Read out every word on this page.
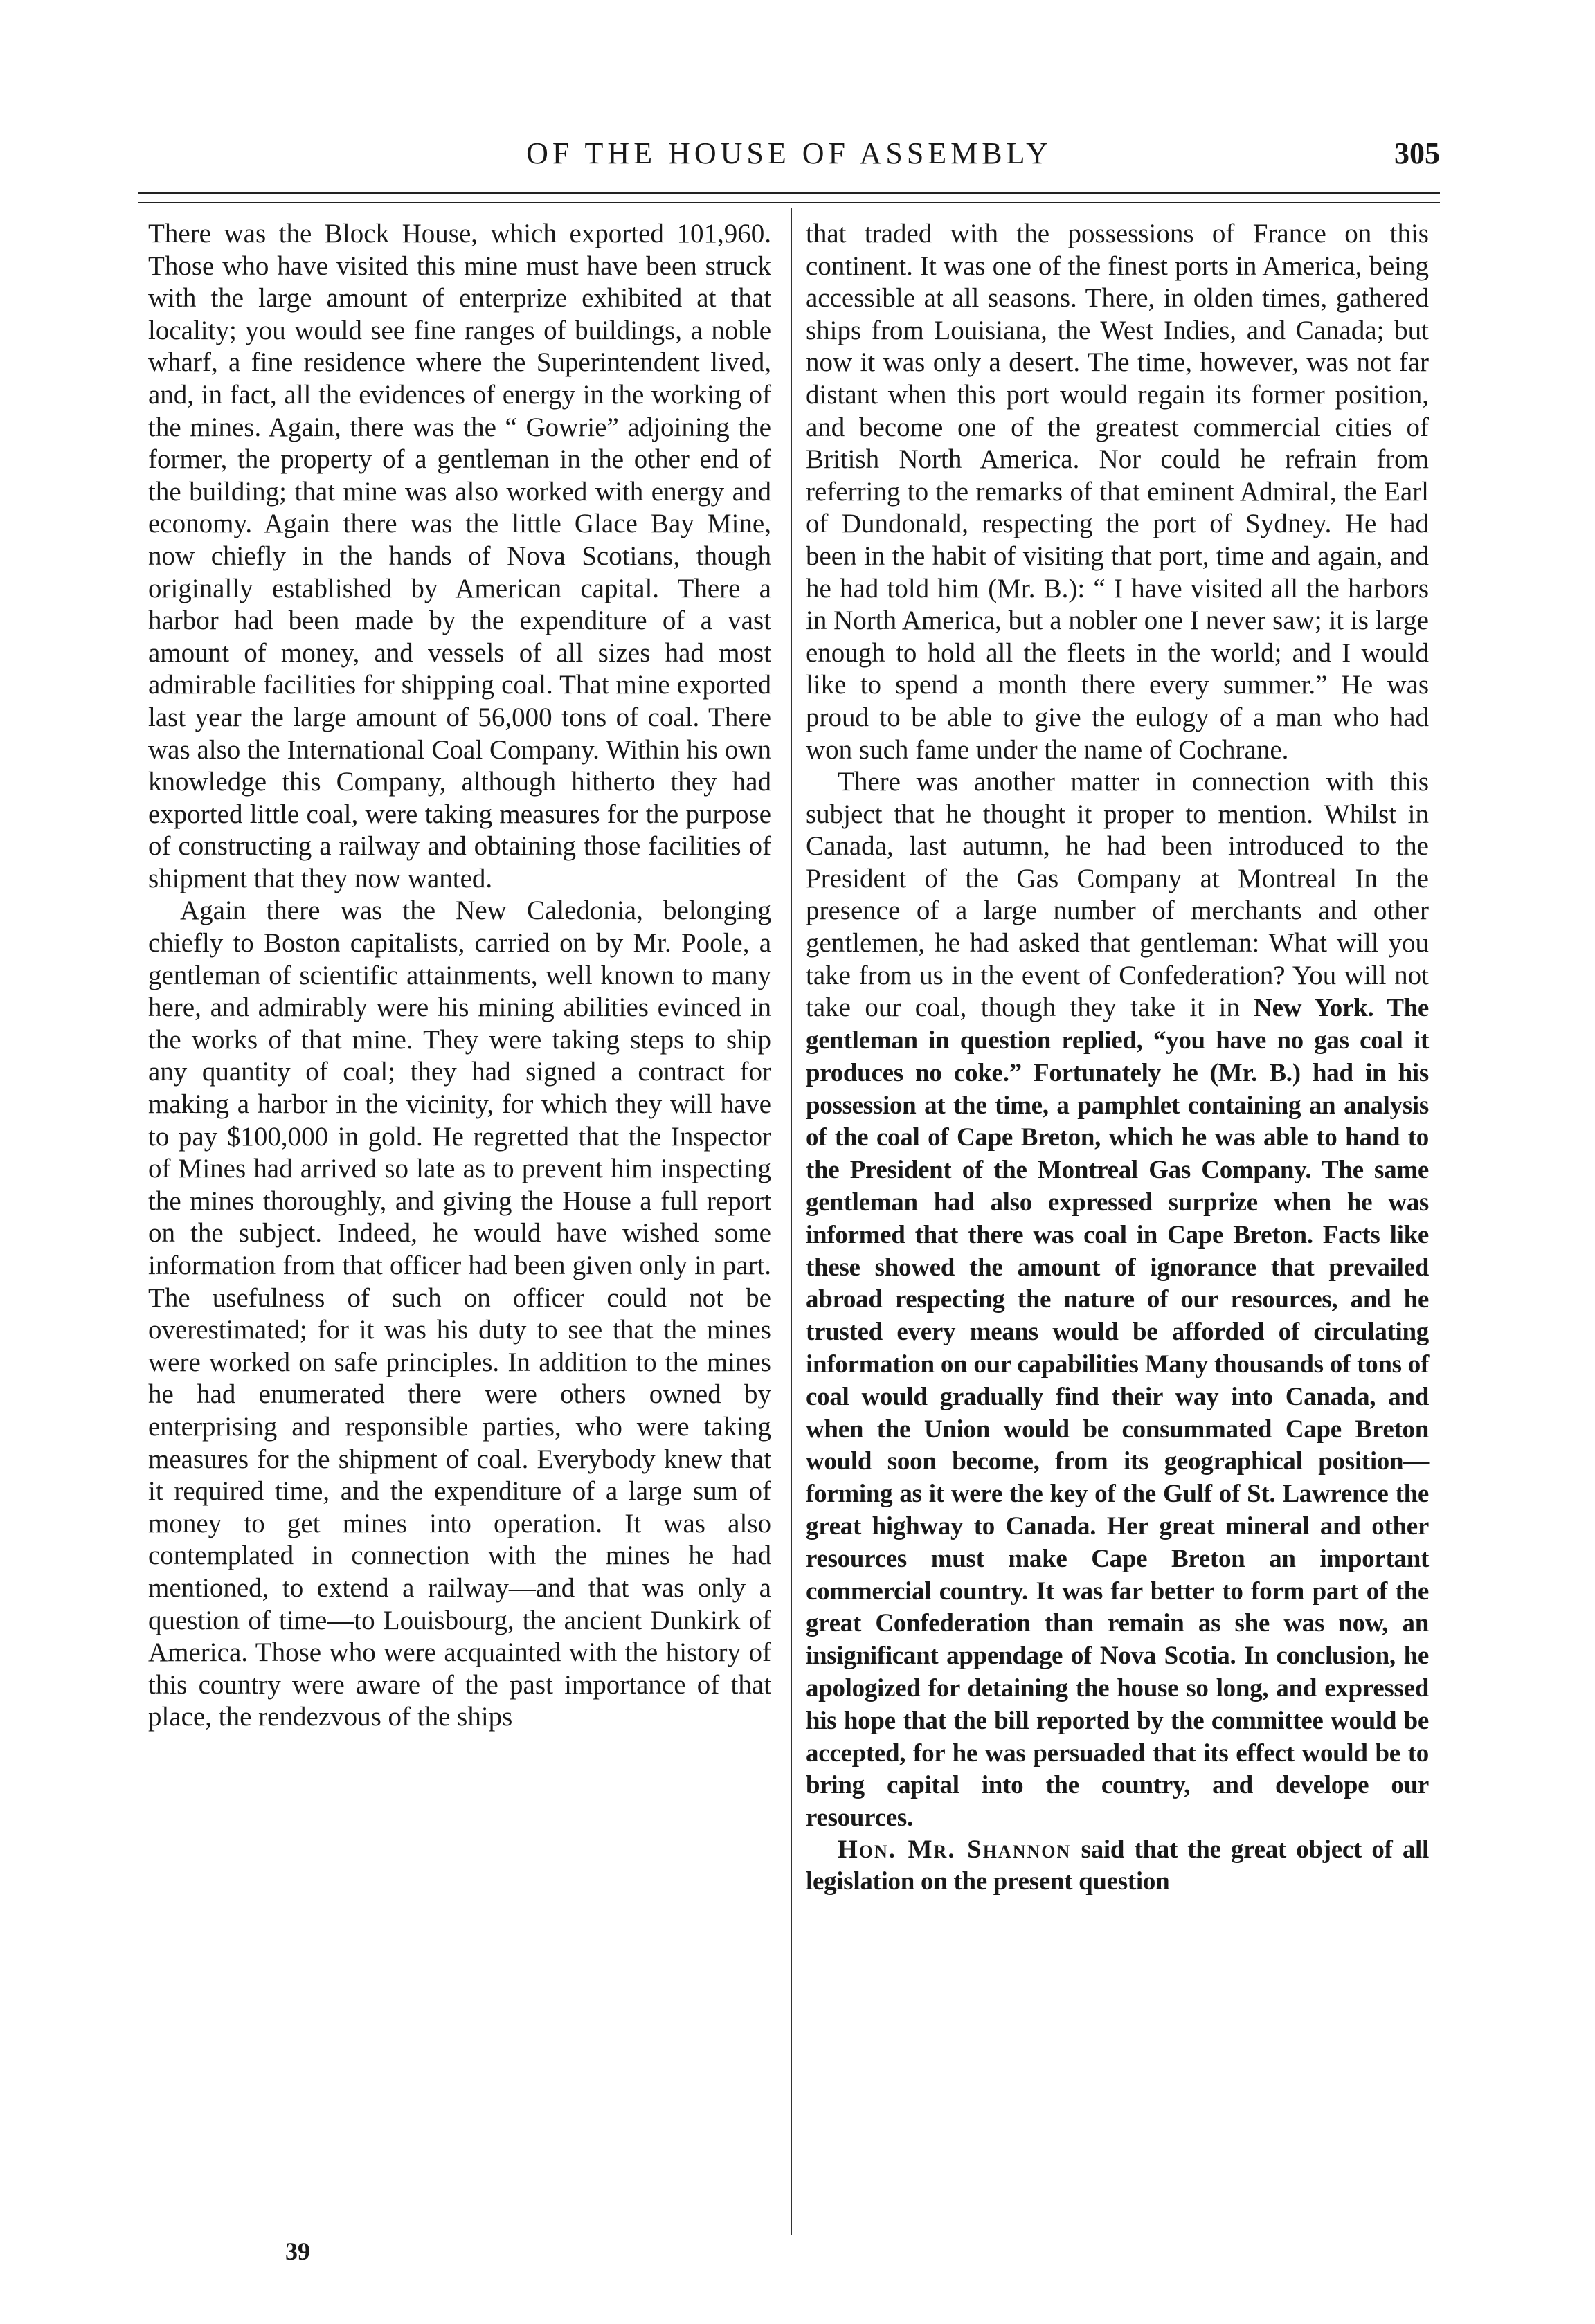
OF THE HOUSE OF ASSEMBLY	305

There was the Block House, which exported 101,960. Those who have visited this mine must have been struck with the large amount of enterprize exhibited at that locality; you would see fine ranges of buildings, a noble wharf, a fine residence where the Superintendent lived, and, in fact, all the evidences of energy in the working of the mines. Again, there was the “ Gowrie” adjoining the former, the property of a gentleman in the other end of the building; that mine was also worked with energy and economy. Again there was the little Glace Bay Mine, now chiefly in the hands of Nova Scotians, though originally established by American capital. There a harbor had been made by the expenditure of a vast amount of money, and vessels of all sizes had most admirable facilities for shipping coal. That mine exported last year the large amount of 56,000 tons of coal. There was also the International Coal Company. Within his own knowledge this Company, although hitherto they had exported little coal, were taking measures for the purpose of constructing a railway and obtaining those facilities of shipment that they now wanted.

Again there was the New Caledonia, belonging chiefly to Boston capitalists, carried on by Mr. Poole, a gentleman of scientific attainments, well known to many here, and admirably were his mining abilities evinced in the works of that mine. They were taking steps to ship any quantity of coal; they had signed a contract for making a harbor in the vicinity, for which they will have to pay $100,000 in gold. He regretted that the Inspector of Mines had arrived so late as to prevent him inspecting the mines thoroughly, and giving the House a full report on the subject. Indeed, he would have wished some information from that officer had been given only in part. The usefulness of such on officer could not be overestimated; for it was his duty to see that the mines were worked on safe principles. In addition to the mines he had enumerated there were others owned by enterprising and responsible parties, who were taking measures for the shipment of coal. Everybody knew that it required time, and the expenditure of a large sum of money to get mines into operation. It was also contemplated in connection with the mines he had mentioned, to extend a railway—and that was only a question of time—to Louisbourg, the ancient Dunkirk of America. Those who were acquainted with the history of this country were aware of the past importance of that place, the rendezvous of the ships

that traded with the possessions of France on this continent. It was one of the finest ports in America, being accessible at all seasons. There, in olden times, gathered ships from Louisiana, the West Indies, and Canada; but now it was only a desert. The time, however, was not far distant when this port would regain its former position, and become one of the greatest commercial cities of British North America. Nor could he refrain from referring to the remarks of that eminent Admiral, the Earl of Dundonald, respecting the port of Sydney. He had been in the habit of visiting that port, time and again, and he had told him (Mr. B.): “ I have visited all the harbors in North America, but a nobler one I never saw; it is large enough to hold all the fleets in the world; and I would like to spend a month there every summer.” He was proud to be able to give the eulogy of a man who had won such fame under the name of Cochrane.

There was another matter in connection with this subject that he thought it proper to mention. Whilst in Canada, last autumn, he had been introduced to the President of the Gas Company at Montreal In the presence of a large number of merchants and other gentlemen, he had asked that gentleman: What will you take from us in the event of Confederation? You will not take our coal, though they take it in New York. The gentleman in question replied, “you have no gas coal it produces no coke.” Fortunately he (Mr. B.) had in his possession at the time, a pamphlet containing an analysis of the coal of Cape Breton, which he was able to hand to the President of the Montreal Gas Company. The same gentleman had also expressed surprize when he was informed that there was coal in Cape Breton. Facts like these showed the amount of ignorance that prevailed abroad respecting the nature of our resources, and he trusted every means would be afforded of circulating information on our capabilities Many thousands of tons of coal would gradually find their way into Canada, and when the Union would be consummated Cape Breton would soon become, from its geographical position—forming as it were the key of the Gulf of St. Lawrence the great highway to Canada. Her great mineral and other resources must make Cape Breton an important commercial country. It was far better to form part of the great Confederation than remain as she was now, an insignificant appendage of Nova Scotia. In conclusion, he apologized for detaining the house so long, and expressed his hope that the bill reported by the committee would be accepted, for he was persuaded that its effect would be to bring capital into the country, and develope our resources.

Hon. Mr. Shannon said that the great object of all legislation on the present question

39
